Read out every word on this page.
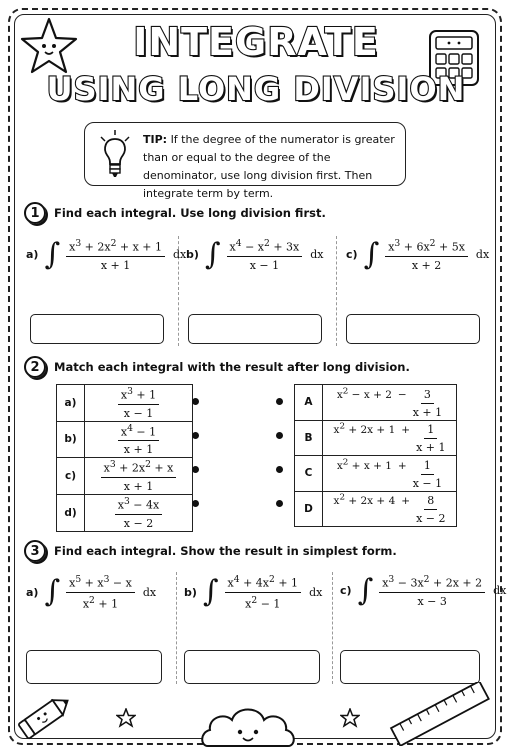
INTEGRATE
USING LONG DIVISION
TIP: If the degree of the numerator is greater than or equal to the degree of the denominator, use long division first. Then integrate term by term.
1	Find each integral. Use long division first.
a) ∫ $\frac{x^3 + 2x^2 + x + 1}{x + 1}$ dx b) ∫ $\frac{x^4 - x^2 + 3x}{x - 1}$ dx c) ∫ $\frac{x^3 + 6x^2 + 5x}{x + 2}$ dx
2	Match each integral with the result after long division.
a)	$\frac{x^3 + 1}{x - 1}$

b)	$\frac{x^4 - 1}{x + 1}$

c)	$\frac{x^3 + 2x^2 + x}{x + 1}$

d)	$\frac{x^3 - 4x}{x - 2}$
A	$x^2 - x + 2 - \frac{3}{x + 1}$

B	$x^2 + 2x + 1 + \frac{1}{x + 1}$

C	$x^2 + x + 1 + \frac{1}{x - 1}$

D	$x^2 + 2x + 4 + \frac{8}{x - 2}$
3	Find each integral. Show the result in simplest form.
a) ∫ $\frac{x^5 + x^3 - x}{x^2 + 1}$ dx	b) ∫ $\frac{x^4 + 4x^2 + 1}{x^2 - 1}$ dx c) ∫ $\frac{x^3 - 3x^2 + 2x + 2}{x - 3}$ dx
